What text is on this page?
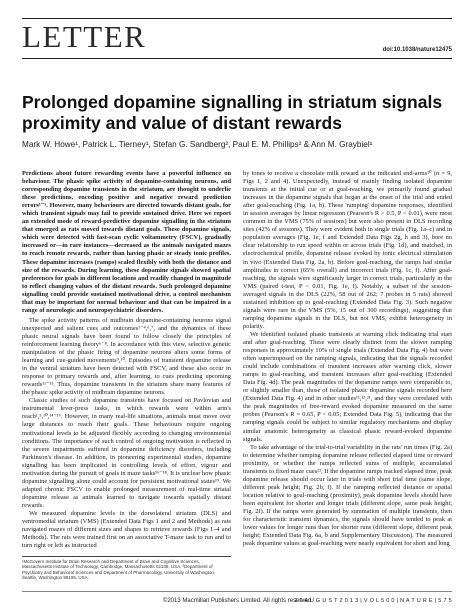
LETTER	doi:10.1038/nature12475
Prolonged dopamine signalling in striatum signals proximity and value of distant rewards
Mark W. Howe¹, Patrick L. Tierney¹, Stefan G. Sandberg², Paul E. M. Phillips² & Ann M. Graybiel¹

Predictions about future rewarding events have a powerful influence on behaviour. The phasic spike activity of dopamine-containing neurons, and corresponding dopamine transients in the striatum, are thought to underlie these predictions, encoding positive and negative reward prediction errors¹⁻⁵. However, many behaviours are directed towards distant goals, for which transient signals may fail to provide sustained drive. Here we report an extended mode of reward-predictive dopamine signalling in the striatum that emerged as rats moved towards distant goals. These dopamine signals, which were detected with fast-scan cyclic voltammetry (FSCV), gradually increased or—in rare instances—decreased as the animals navigated mazes to reach remote rewards, rather than having phasic or steady tonic profiles. These dopamine increases (ramps) scaled flexibly with both the distance and size of the rewards. During learning, these dopamine signals showed spatial preferences for goals in different locations and readily changed in magnitude to reflect changing values of the distant rewards. Such prolonged dopamine signalling could provide sustained motivational drive, a control mechanism that may be important for normal behaviour and that can be impaired in a range of neurologic and neuropsychiatric disorders.

The spike activity patterns of midbrain dopamine-containing neurons signal unexpected and salient cues and outcomes¹⁻⁴,⁶,⁷, and the dynamics of these phasic neural signals have been found to follow closely the principles of reinforcement learning theory⁶⁻⁸. In accordance with this view, selective genetic manipulation of the phasic firing of dopamine neurons alters some forms of learning and cue-guided movements⁹,¹⁰. Episodes of transient dopamine release in the ventral striatum have been detected with FSCV, and these also occur in response to primary rewards and, after learning, to cues predicting upcoming rewards¹¹⁻¹³. Thus, dopamine transients in the striatum share many features of the phasic spike activity of midbrain dopamine neurons.

Classic studies of such dopamine transients have focused on Pavlovian and instrumental lever-press tasks, in which rewards were within arm's reach¹,⁵,¹⁰,¹⁴⁻¹⁶. However, in many real-life situations, animals must move over large distances to reach their goals. These behaviours require ongoing motivational levels to be adjusted flexibly according to changing environmental conditions. The importance of such control of ongoing motivation is reflected in the severe impairments suffered in dopamine deficiency disorders, including Parkinson's disease. In addition, in pioneering experimental studies, dopamine signalling has been implicated in controlling levels of effort, vigour and motivation during the pursuit of goals in maze tasks¹⁶⁻¹⁸. It is unclear how phasic dopamine signalling alone could account for persistent motivational states¹⁹. We adapted chronic FSCV to enable prolonged measurement of real-time striatal dopamine release as animals learned to navigate towards spatially distant rewards.

We measured dopamine levels in the dorsolateral striatum (DLS) and ventromedial striatum (VMS) (Extended Data Figs 1 and 2 and Methods) as rats navigated mazes of different sizes and shapes to retrieve rewards (Figs 1–4 and Methods). The rats were trained first on an associative T-maze task to run and to turn right or left as instructed

by tones to receive a chocolate milk reward at the indicated end-arms²⁰ (n = 9, Figs 1, 2 and 4). Unexpectedly, instead of mainly finding isolated dopamine transients at the initial cue or at goal-reaching, we primarily found gradual increases in the dopamine signals that began at the onset of the trial and ended after goal-reaching (Fig. 1a, b). These 'ramping' dopamine responses, identified in session averages by linear regression (Pearson's R > 0.5, P < 0.01), were most common in the VMS (75% of sessions) but were also present in DLS recording sites (42% of sessions). They were evident both in single trials (Fig. 1a–c) and in population averages (Fig. 1e, f and Extended Data Figs 2g, h and 3), bore no clear relationship to run speed within or across trials (Fig. 1d), and matched, in electrochemical profile, dopamine release evoked by tonic electrical stimulation in vivo (Extended Data Fig. 2a, b). Before goal-reaching, the ramps had similar amplitudes in correct (65% overall) and incorrect trials (Fig. 1c, f). After goal-reaching, the signals were significantly larger in correct trials, particularly in the VMS (paired t-test, P < 0.01, Fig. 1e, f). Notably, a subset of the session-averaged signals in the DLS (22%, 58 out of 262; 7 probes in 5 rats) showed sustained inhibition up to goal-reaching (Extended Data Fig. 3). Such negative signals were rare in the VMS (5%, 15 out of 300 recordings), suggesting that ramping dopamine signals in the DLS, but not VMS, exhibit heterogeneity in polarity.

We identified isolated phasic transients at warning click indicating trial start and after goal-reaching. These were clearly distinct from the slower ramping responses in approximately 10% of single trials (Extended Data Fig. 4) but were often superimposed on the ramping signals, indicating that the signals recorded could include combinations of transient increases after warning click, slower ramps to goal-reaching, and transient increases after goal-reaching (Extended Data Fig. 4d). The peak magnitudes of the dopamine ramps were comparable to, or slightly smaller than, those of isolated phasic dopamine signals recorded here (Extended Data Fig. 4) and in other studies¹¹,¹²,²¹, and they were correlated with the peak magnitudes of free-reward evoked dopamine measured on the same probes (Pearson's R = 0.65, P < 0.05; Extended Data Fig. 5), indicating that the ramping signals could be subject to similar regulatory mechanisms and display similar anatomic heterogeneity as classical phasic reward-evoked dopamine signals.

To take advantage of the trial-to-trial variability in the rats' run times (Fig. 2a) to determine whether ramping dopamine release reflected elapsed time or reward proximity, or whether the ramps reflected sums of multiple, accumulated transients to fixed maze cues²², If the dopamine ramps tracked elapsed time, peak dopamine release should occur later in trials with short trial time (same slope, different peak height; Fig. 2b, f). If the ramping reflected distance or spatial location relative to goal-reaching (proximity), peak dopamine levels should have been equivalent for shorter and longer trials (different slope, same peak height; Fig. 2f). If the ramps were generated by summation of multiple transients, then for characteristic transient dynamics, the signals should have tended to peak at lower values for longer runs than for shorter runs (different slope, different peak height; Extended Data Fig. 6a, b and Supplementary Discussion). The measured peak dopamine values at goal-reaching were nearly equivalent for short and long

¹McGovern Institute for Brain Research and Department of Brain and Cognitive Sciences, Massachusetts Institute of Technology, Cambridge, Massachusetts 02139, USA. ²Department of Psychiatry and Behavioral Sciences and Department of Pharmacology, University of Washington, Seattle, Washington 98195, USA.
©2013 Macmillan Publishers Limited. All rights reserved
2 9 A U G U S T 2 0 1 3 | V O L 5 0 0 | N A T U R E | 5 7 5
